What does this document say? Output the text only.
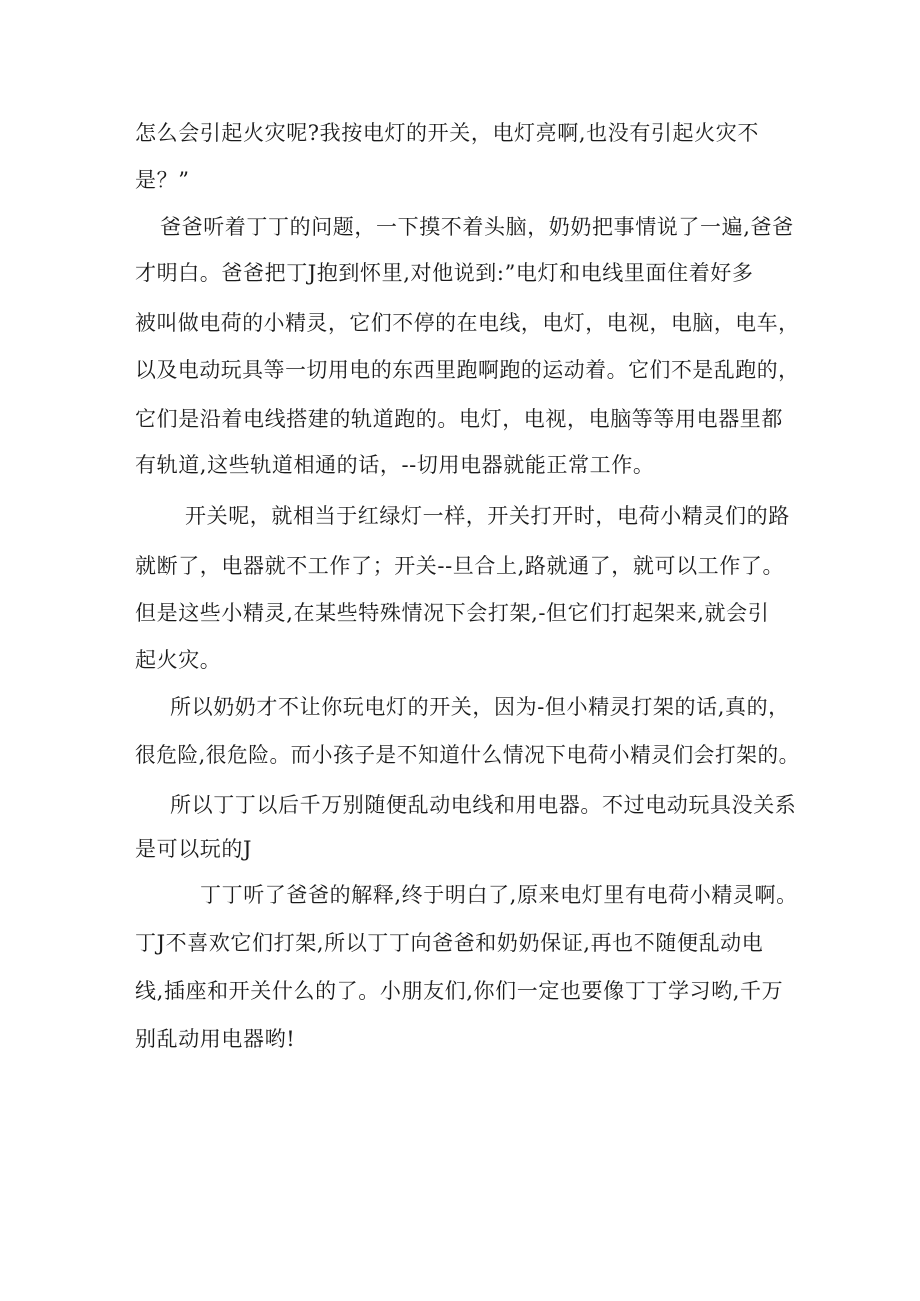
怎么会引起火灾呢?我按电灯的开关，电灯亮啊,也没有引起火灾不

是？”

爸爸听着丁丁的问题，一下摸不着头脑，奶奶把事情说了一遍,爸爸

才明白。爸爸把丁J抱到怀里,对他说到:”电灯和电线里面住着好多

被叫做电荷的小精灵，它们不停的在电线，电灯，电视，电脑，电车，

以及电动玩具等一切用电的东西里跑啊跑的运动着。它们不是乱跑的，

它们是沿着电线搭建的轨道跑的。电灯，电视，电脑等等用电器里都

有轨道,这些轨道相通的话，--切用电器就能正常工作。

开关呢，就相当于红绿灯一样，开关打开时，电荷小精灵们的路

就断了，电器就不工作了；开关--旦合上,路就通了，就可以工作了。

但是这些小精灵,在某些特殊情况下会打架,-但它们打起架来,就会引

起火灾。

所以奶奶才不让你玩电灯的开关，因为-但小精灵打架的话,真的，

很危险,很危险。而小孩子是不知道什么情况下电荷小精灵们会打架的。

所以丁丁以后千万别随便乱动电线和用电器。不过电动玩具没关系

是可以玩的J

丁丁听了爸爸的解释,终于明白了,原来电灯里有电荷小精灵啊。

丁J不喜欢它们打架,所以丁丁向爸爸和奶奶保证,再也不随便乱动电

线,插座和开关什么的了。小朋友们,你们一定也要像丁丁学习哟,千万

别乱动用电器哟!
